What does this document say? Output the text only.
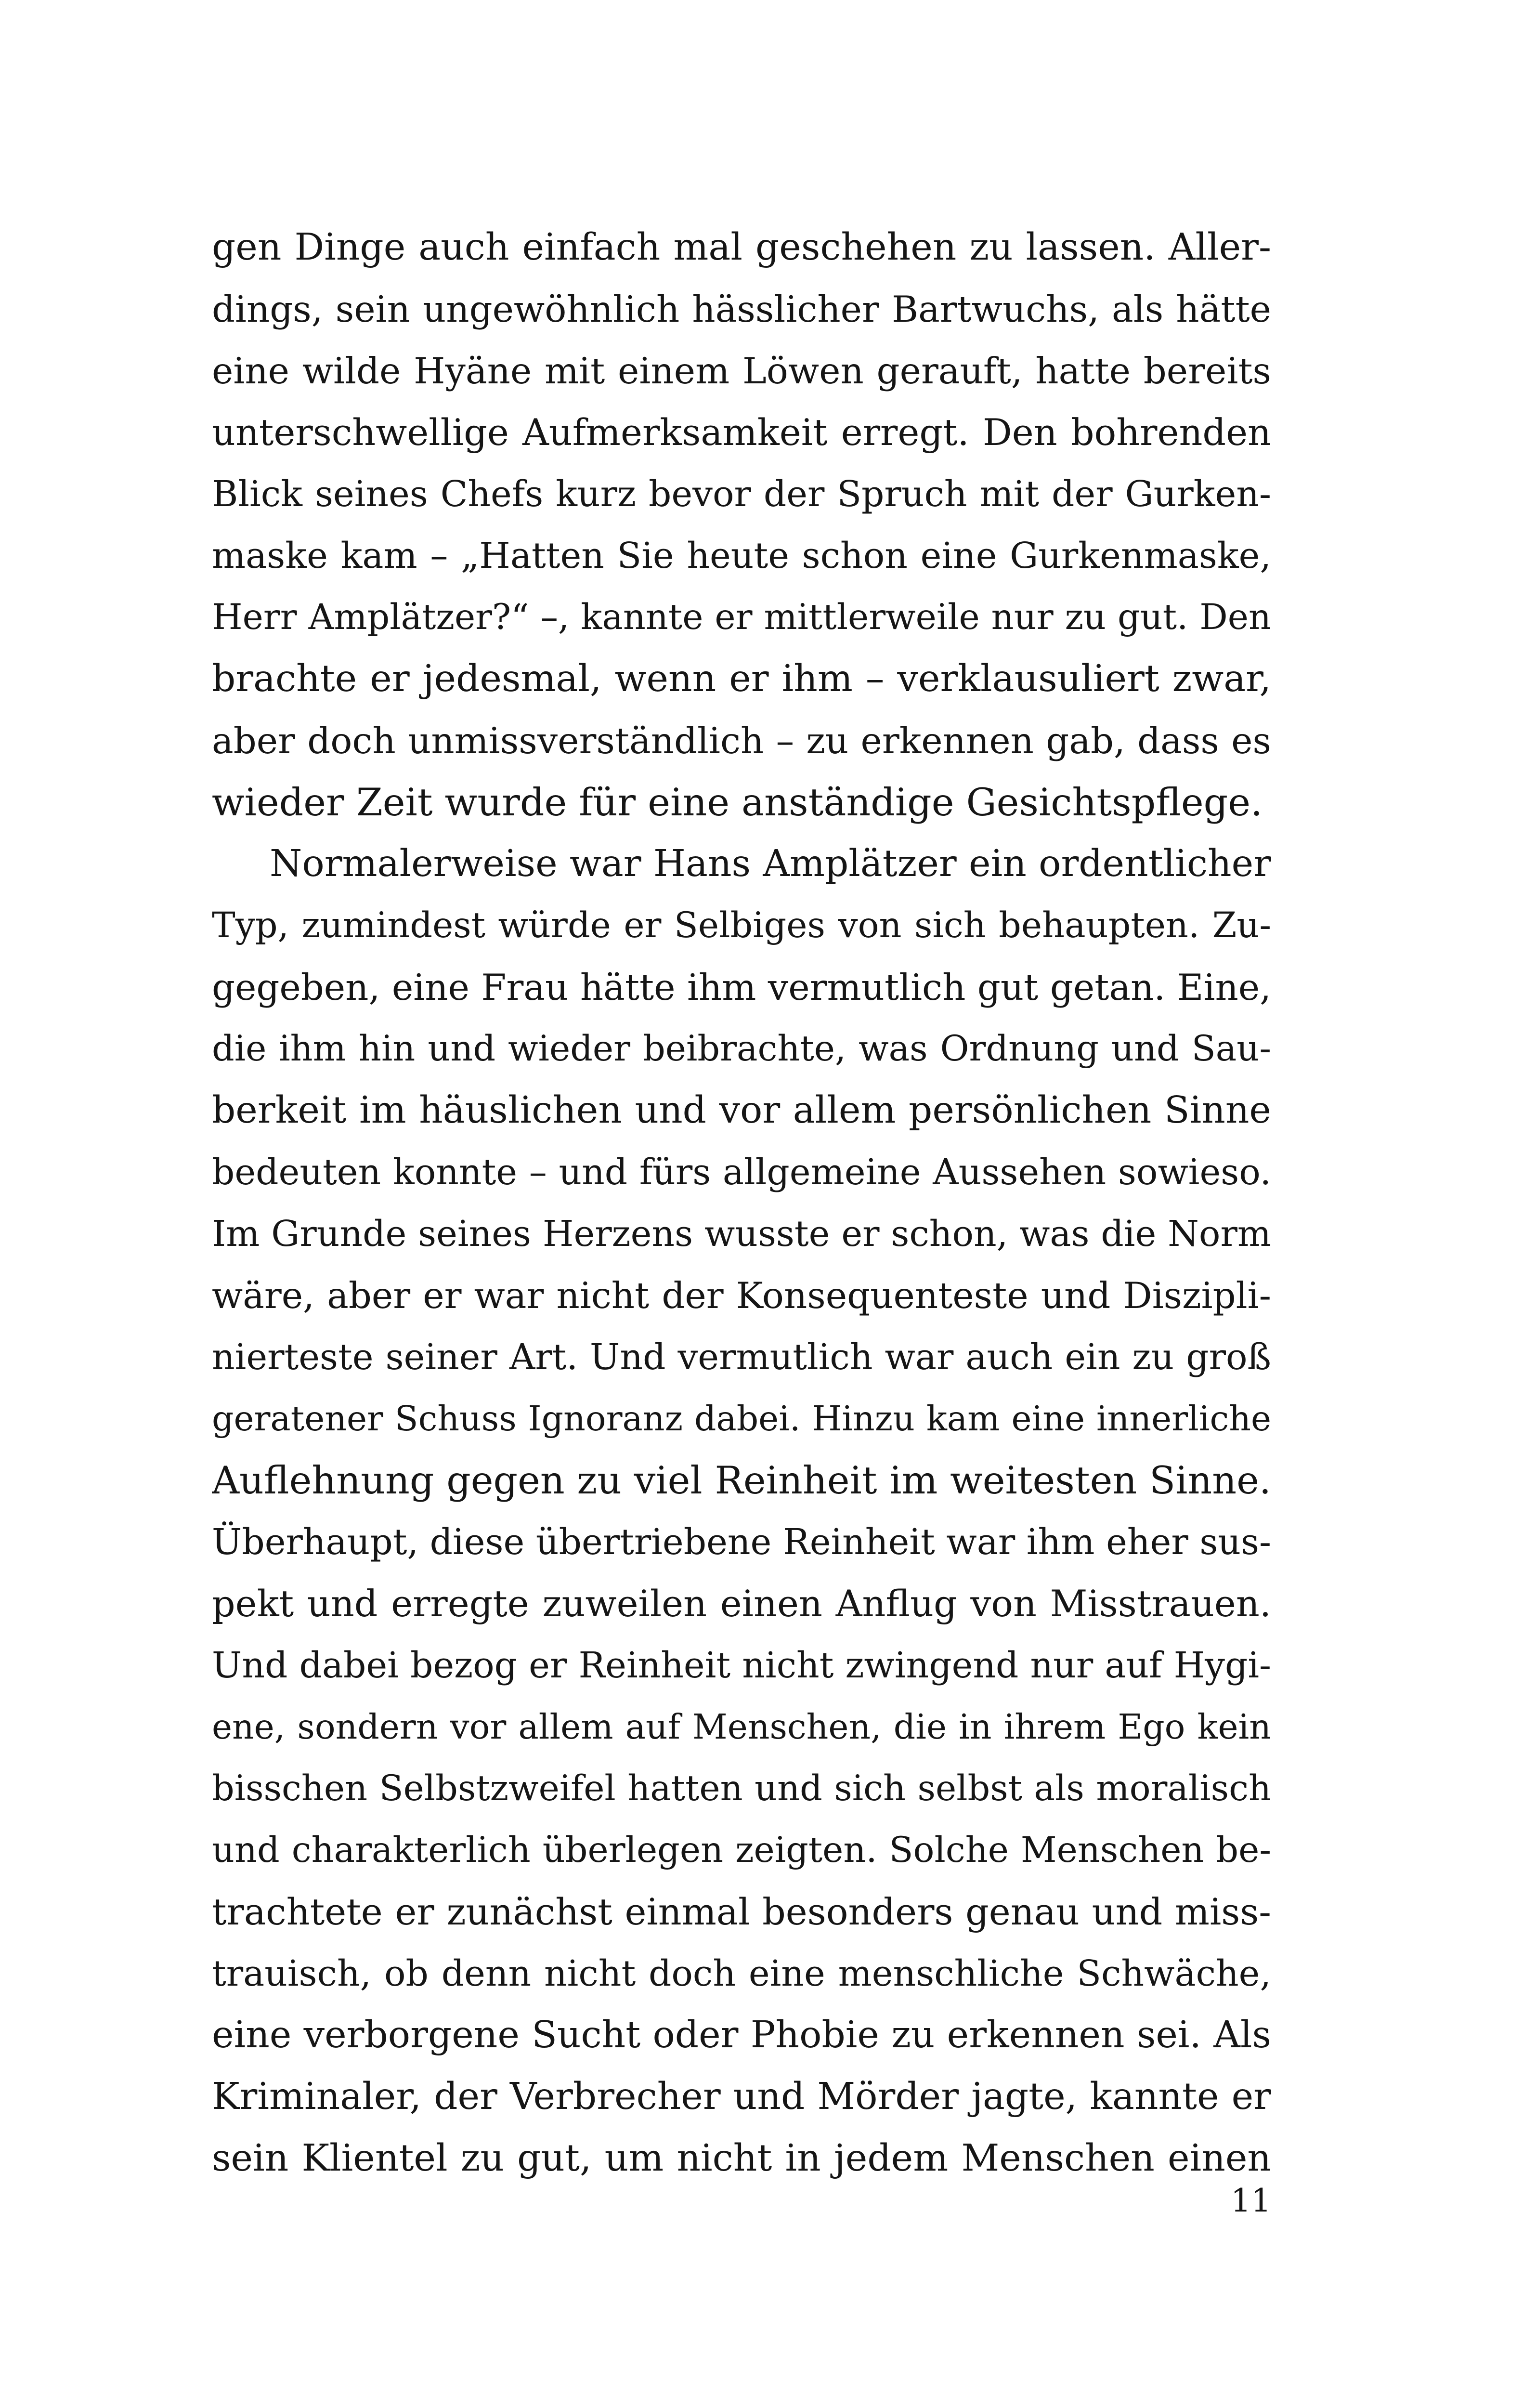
gen Dinge auch einfach mal geschehen zu lassen. Aller-
dings, sein ungewöhnlich hässlicher Bartwuchs, als hätte
eine wilde Hyäne mit einem Löwen gerauft, hatte bereits
unterschwellige Aufmerksamkeit erregt. Den bohrenden
Blick seines Chefs kurz bevor der Spruch mit der Gurken-
maske kam – „Hatten Sie heute schon eine Gurkenmaske,
Herr Amplätzer?“ –, kannte er mittlerweile nur zu gut. Den
brachte er jedesmal, wenn er ihm – verklausuliert zwar,
aber doch unmissverständlich – zu erkennen gab, dass es
wieder Zeit wurde für eine anständige Gesichtspflege.
Normalerweise war Hans Amplätzer ein ordentlicher
Typ, zumindest würde er Selbiges von sich behaupten. Zu-
gegeben, eine Frau hätte ihm vermutlich gut getan. Eine,
die ihm hin und wieder beibrachte, was Ordnung und Sau-
berkeit im häuslichen und vor allem persönlichen Sinne
bedeuten konnte – und fürs allgemeine Aussehen sowieso.
Im Grunde seines Herzens wusste er schon, was die Norm
wäre, aber er war nicht der Konsequenteste und Diszipli-
nierteste seiner Art. Und vermutlich war auch ein zu groß
geratener Schuss Ignoranz dabei. Hinzu kam eine innerliche
Auflehnung gegen zu viel Reinheit im weitesten Sinne.
Überhaupt, diese übertriebene Reinheit war ihm eher sus-
pekt und erregte zuweilen einen Anflug von Misstrauen.
Und dabei bezog er Reinheit nicht zwingend nur auf Hygi-
ene, sondern vor allem auf Menschen, die in ihrem Ego kein
bisschen Selbstzweifel hatten und sich selbst als moralisch
und charakterlich überlegen zeigten. Solche Menschen be-
trachtete er zunächst einmal besonders genau und miss-
trauisch, ob denn nicht doch eine menschliche Schwäche,
eine verborgene Sucht oder Phobie zu erkennen sei. Als
Kriminaler, der Verbrecher und Mörder jagte, kannte er
sein Klientel zu gut, um nicht in jedem Menschen einen
11
